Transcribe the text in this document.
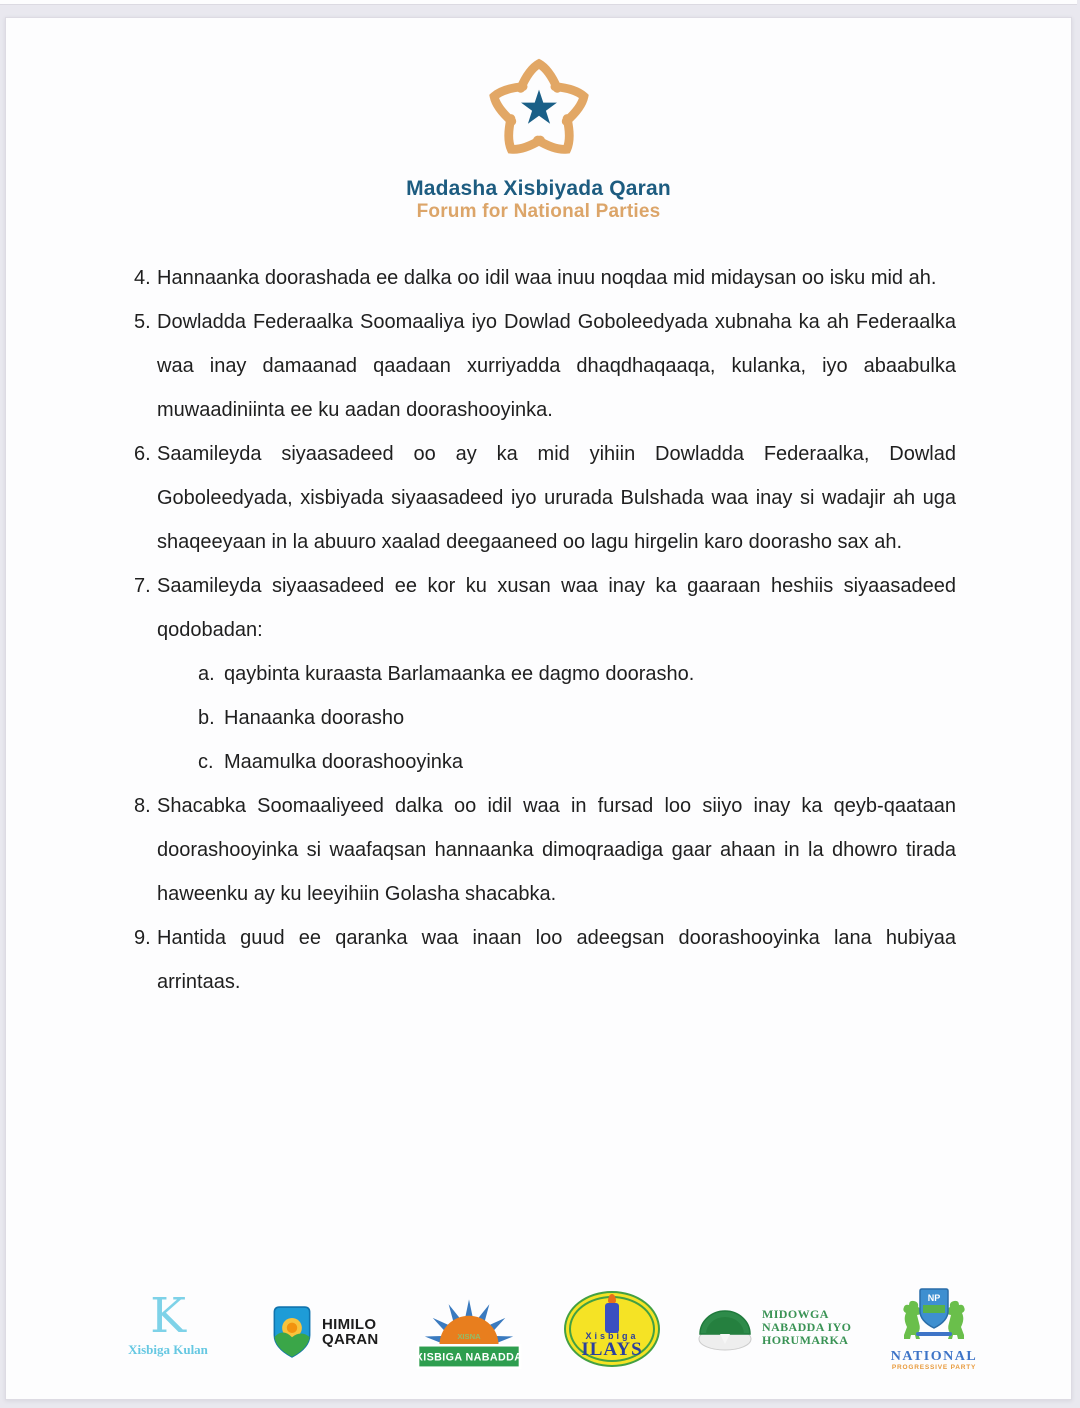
Madasha Xisbiyada Qaran
Forum for National Parties
4. Hannaanka doorashada ee dalka oo idil waa inuu noqdaa mid midaysan oo isku mid ah.
5. Dowladda Federaalka Soomaaliya iyo Dowlad Goboleedyada xubnaha ka ah Federaalka waa inay damaanad qaadaan xurriyadda dhaqdhaqaaqa, kulanka, iyo abaabulka muwaadiniinta ee ku aadan doorashooyinka.
6. Saamileyda siyaasadeed oo ay ka mid yihiin Dowladda Federaalka, Dowlad Goboleedyada, xisbiyada siyaasadeed iyo ururada Bulshada waa inay si wadajir ah uga shaqeeyaan in la abuuro xaalad deegaaneed oo lagu hirgelin karo doorasho sax ah.
7. Saamileyda siyaasadeed ee kor ku xusan waa inay ka gaaraan heshiis siyaasadeed qodobadan:
a. qaybinta kuraasta Barlamaanka ee dagmo doorasho.
b. Hanaanka doorasho
c. Maamulka doorashooyinka
8. Shacabka Soomaaliyeed dalka oo idil waa in fursad loo siiyo inay ka qeyb-qaataan doorashooyinka si waafaqsan hannaanka dimoqraadiga gaar ahaan in la dhowro tirada haweenku ay ku leeyihiin Golasha shacabka.
9. Hantida guud ee qaranka waa inaan loo adeegsan doorashooyinka lana hubiyaa arrintaas.
K
Xisbiga Kulan
HIMILO
QARAN	XISNA
XISBIGA NABADDA
Xisbiga
ILAYS
MIDOWGA
NABADDA IYO
HORUMARKA
NP
NATIONAL
PROGRESSIVE PARTY
